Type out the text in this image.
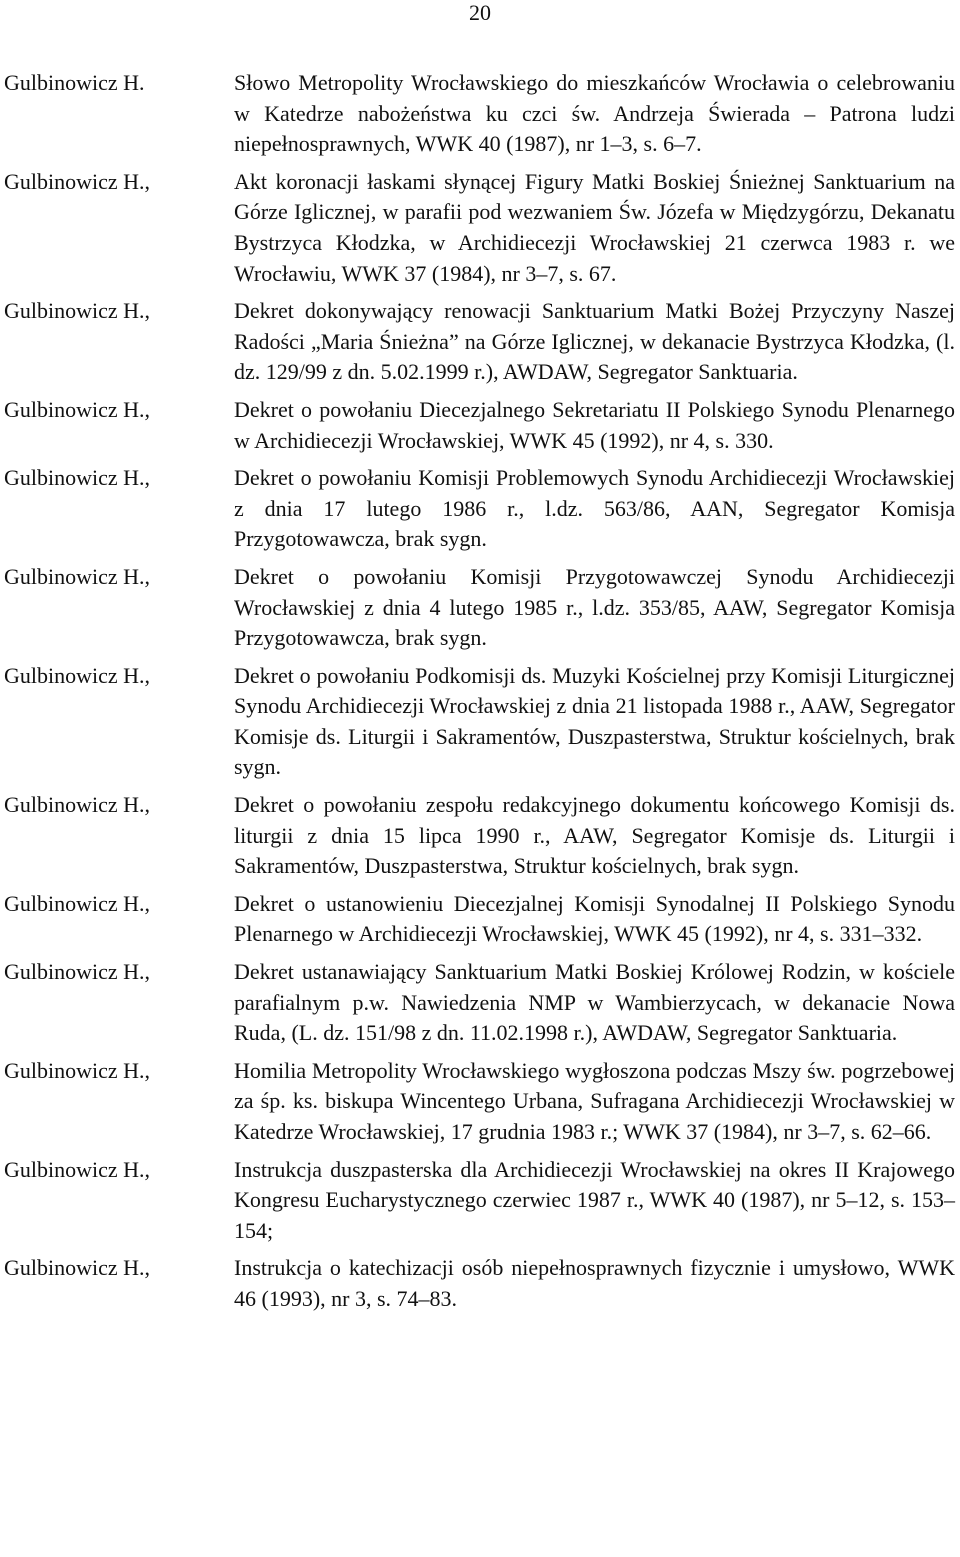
20
Gulbinowicz H.	Słowo Metropolity Wrocławskiego do mieszkańców Wrocławia o celebrowaniu w Katedrze nabożeństwa ku czci św. Andrzeja Świerada – Patrona ludzi niepełnosprawnych, WWK 40 (1987), nr 1–3, s. 6–7.
Gulbinowicz H.,	Akt koronacji łaskami słynącej Figury Matki Boskiej Śnieżnej Sanktuarium na Górze Iglicznej, w parafii pod wezwaniem Św. Józefa w Międzygórzu, Dekanatu Bystrzyca Kłodzka, w Archidiecezji Wrocławskiej 21 czerwca 1983 r. we Wrocławiu, WWK 37 (1984), nr 3–7, s. 67.
Gulbinowicz H.,	Dekret dokonywający renowacji Sanktuarium Matki Bożej Przyczyny Naszej Radości „Maria Śnieżna” na Górze Iglicznej, w dekanacie Bystrzyca Kłodzka, (l. dz. 129/99 z dn. 5.02.1999 r.), AWDAW, Segregator Sanktuaria.
Gulbinowicz H.,	Dekret o powołaniu Diecezjalnego Sekretariatu II Polskiego Synodu Plenarnego w Archidiecezji Wrocławskiej, WWK 45 (1992), nr 4, s. 330.
Gulbinowicz H.,	Dekret o powołaniu Komisji Problemowych Synodu Archidiecezji Wrocławskiej z dnia 17 lutego 1986 r., l.dz. 563/86, AAN, Segregator Komisja Przygotowawcza, brak sygn.
Gulbinowicz H.,	Dekret o powołaniu Komisji Przygotowawczej Synodu Archidiecezji Wrocławskiej z dnia 4 lutego 1985 r., l.dz. 353/85, AAW, Segregator Komisja Przygotowawcza, brak sygn.
Gulbinowicz H.,	Dekret o powołaniu Podkomisji ds. Muzyki Kościelnej przy Komisji Liturgicznej Synodu Archidiecezji Wrocławskiej z dnia 21 listopada 1988 r., AAW, Segregator Komisje ds. Liturgii i Sakramentów, Duszpasterstwa, Struktur kościelnych, brak sygn.
Gulbinowicz H.,	Dekret o powołaniu zespołu redakcyjnego dokumentu końcowego Komisji ds. liturgii z dnia 15 lipca 1990 r., AAW, Segregator Komisje ds. Liturgii i Sakramentów, Duszpasterstwa, Struktur kościelnych, brak sygn.
Gulbinowicz H.,	Dekret o ustanowieniu Diecezjalnej Komisji Synodalnej II Polskiego Synodu Plenarnego w Archidiecezji Wrocławskiej, WWK 45 (1992), nr 4, s. 331–332.
Gulbinowicz H.,	Dekret ustanawiający Sanktuarium Matki Boskiej Królowej Rodzin, w kościele parafialnym p.w. Nawiedzenia NMP w Wambierzycach, w dekanacie Nowa Ruda, (L. dz. 151/98 z dn. 11.02.1998 r.), AWDAW, Segregator Sanktuaria.
Gulbinowicz H.,	Homilia Metropolity Wrocławskiego wygłoszona podczas Mszy św. pogrzebowej za śp. ks. biskupa Wincentego Urbana, Sufragana Archidiecezji Wrocławskiej w Katedrze Wrocławskiej, 17 grudnia 1983 r.; WWK 37 (1984), nr 3–7, s. 62–66.
Gulbinowicz H.,	Instrukcja duszpasterska dla Archidiecezji Wrocławskiej na okres II Krajowego Kongresu Eucharystycznego czerwiec 1987 r., WWK 40 (1987), nr 5–12, s. 153–154;
Gulbinowicz H.,	Instrukcja o katechizacji osób niepełnosprawnych fizycznie i umysłowo, WWK 46 (1993), nr 3, s. 74–83.
